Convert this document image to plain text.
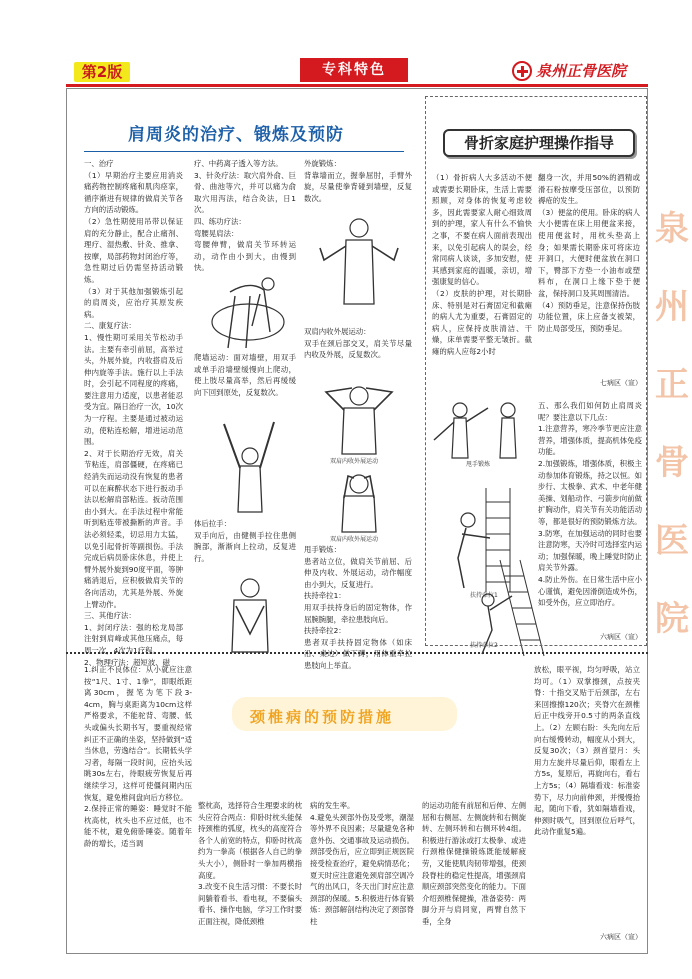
第2版	专科特色	泉州正骨医院
肩周炎的治疗、锻炼及预防
一、治疗
（1）早期治疗主要应用消炎痛药物控制疼痛和肌肉痉挛，循序渐进有规律的做肩关节各方向的活动锻炼。
（2）急性期使用吊带以保证肩的充分静止，配合止痛剂、理疗、湿热敷、针灸、推拿、按摩，局部药物封闭治疗等，急性期过后仍需坚持活动锻炼。
（3）对于其他加强锻炼引起的肩周炎，应治疗其原发疾病。
二、康复疗法：
1、慢性期可采用关节松动手法。主要有牵引前屈，高举过头，外展外旋，内收搭肩及后伸内旋等手法。施行以上手法时，会引起不同程度的疼痛，要注意用力适度，以患者能忍受为宜。隔日治疗一次，10次为一疗程。主要是通过被动运动，使粘连松解，增进运动范围。
2、对于长期治疗无效，肩关节粘连，肩部僵硬，在疼痛已经消失而运动没有恢复的患者可以在麻醉状态下进行扳动手法以松解肩部粘连。扳动范围由小到大。在手法过程中常能听到粘连带被撕断的声音。手法必须轻柔，切忌用力太猛，以免引起骨折等副损伤。手法完成后病员卧床休息，并使上臂外展外旋到90度平面，等肿痛消退后，应积极做肩关节的各向活动，尤其是外展、外旋上臂动作。
三、其他疗法：
1、封闭疗法：强的松龙局部注射到肩峰或其他压痛点，每周一次，4次为1疗程。
2、物理疗法：超短波、磁
疗、中药离子透入等方法。
3、针灸疗法：取穴肩外俞、巨骨、曲池等穴，并可以痛为俞取穴用泻法，结合灸法，日1次。
四、练功疗法：
弯腰晃肩法：
弯腰伸臂，做肩关节环转运动，动作由小到大，由慢到快。
爬墙运动：面对墙壁，用双手或单手沿墙壁缓慢向上爬动，使上肢尽量高举，然后再缓缓向下回到原处，反复数次。
体后拉手：
双手向后，由健侧手拉住患侧腕部，渐渐向上拉动，反复进行。
外旋锻炼：
背靠墙而立，握拳屈肘，手臂外旋，尽量使拳背碰到墙壁，反复数次。
双肩内收外展运动：
双手在颈后部交叉，肩关节尽量内收及外展，反复数次。
双肩内收外展运动
双肩内收外展运动
甩手锻炼：
患者站立位，做肩关节前屈、后伸及内收、外展运动，动作幅度由小到大，反复进行。
扶持牵拉1：
用双手扶持身后的固定物体，作屈腕腕腿，牵拉患肢向后。
扶持牵拉2：
患者双手扶持固定物体（如床沿、桌边）做下蹲，用体重牵拉患肢向上举直。
甩手锻炼
扶持牵拉1
扶持牵拉2
骨折家庭护理操作指导
（1）骨折病人大多活动不便或需要长期卧床，生活上需要照顾，对身体的恢复考虑较多，因此需要家人耐心细致周到的护理，家人有什么不愉快之事，不要在病人面前表现出来，以免引起病人的误会，经常同病人谈谈，多加安慰，使其感到家庭的温暖，亲切，增强康复的信心。
（2）皮肤的护理，对长期卧床、特别是对石膏固定和截瘫的病人尤为重要，石膏固定的病人，应保持皮肤清洁、干燥，床单需要平整无皱折。截瘫的病人应每2小时
翻身一次，并用50%的酒精或滑石粉按摩受压部位，以预防褥疮的发生。
（3）便盆的使用。卧床的病人大小便需在床上用便盆来接，使用便盆时，用枕头垫高上身；如果需长期卧床可将床边开洞口，大便时便盆放在洞口下，臀部下方垫一小油布或塑料布，在洞口上缘下垫于便盆，保持洞口及其周围清洁。
（4）预防垂足，注意保持伤肢功能位置，床上应备支被架，防止局部受压，预防垂足。
七病区（宣）
五、那么我们如何防止肩周炎呢？要注意以下几点：
1.注意营养，寒冷季节更应注意营养，增强体质，提高机体免疫功能。
2.加强锻炼，增强体质，积极主动参加体育锻炼，持之以恒。如步行、太极拳、武术、中老年健美操、划船动作、弓箭步向前做扩胸动作，肩关节有关功能活动等，都是很好的预防锻炼方法。
3.防寒，在加强运动的同时也要注意防寒，天冷时可选择室内运动；加强保暖，晚上睡觉时防止肩关节外露。
4.防止外伤。在日常生活中应小心谨慎，避免因滑倒造成外伤，如受外伤，应立即治疗。
六病区（宣）
颈椎病的预防措施
1.纠正不良体位：从小就应注意按“1尺、1寸、1拳”，即眼纸距离30cm，握笔为笔下段3-4cm，胸与桌距离为10cm这样严格要求，不能驼背、弯腰、低头或偏头长期书写，要重视经常纠正不正确的坐姿，坚持做到“适当休息，劳逸结合”。长期低头学习者，每隔一段时间，应抬头远眺30s左右，待眼疲劳恢复后再继续学习，这样可使僵间期内压恢复，避免椎间盘向后方移位。
2.保持正常的睡姿：睡觉时不能枕高枕，枕头也不应过低，也不能不枕，避免俯卧睡姿。随着年龄的增长，适当调
整枕高，选择符合生理要求的枕头应符合两点：仰卧时枕头能保持颈椎的弧度，枕头的高度符合各个人前宽的特点，仰卧时枕高约为一拳高（根据各人自己的拳头大小），侧卧时一拳加两横指高度。
3.改变不良生活习惯：不要长时间躺着看书、看电视，不要偏头看书、操作电脑，学习工作时要正面注视，降低颈椎
病的发生率。
4.避免头颈部外伤及受寒，潮湿等外界不良因素；尽量避免各种意外伤、交通事故及运动损伤。颈部受伤后，应立即到正规医院接受检查治疗，避免病情恶化；夏天时应注意避免颈肩部空调冷气的出风口，冬天出门时应注意颈部的保暖。5.积极进行体育锻炼：颈部解剖结构决定了颈部脊柱
的运动功能有前屈和后伸、左侧屈和右侧屈、左侧旋转和右侧旋转、左侧环转和右侧环转4组。积极进行游泳或打太极拳、或进行颈椎保健操锻炼既能缓解疲劳，又能使肌肉韧带增强，使颈段脊柱的稳定性提高，增强颈肩顺应颈部突然变化的能力。下面介绍颈椎保健操，准备姿势：两脚分开与肩同宽，两臂自然下垂，全身
放松，眼平视，均匀呼吸，站立均可。（1）双掌擦颈，点按夹脊：十指交叉贴于后颈部，左右来回擦擦120次；夹脊穴在颈椎后正中线旁开0.5寸的两条直线上。（2）左顾右盼：头先向左后向右缓慢转动，幅度从小到大，反复30次；（3）颈首望月：头用力左旋并尽量后仰，眼看左上方5s，复原后，再旋向右，看右上方5s；（4）隔墙看戏：标准姿势下，尽力向前伸颈，并慢慢抬起，随向下看，犹如隔墙看戏，伸颈时吸气，回到原位后呼气，此动作重复5遍。
六病区（宣）
泉州正骨医院
